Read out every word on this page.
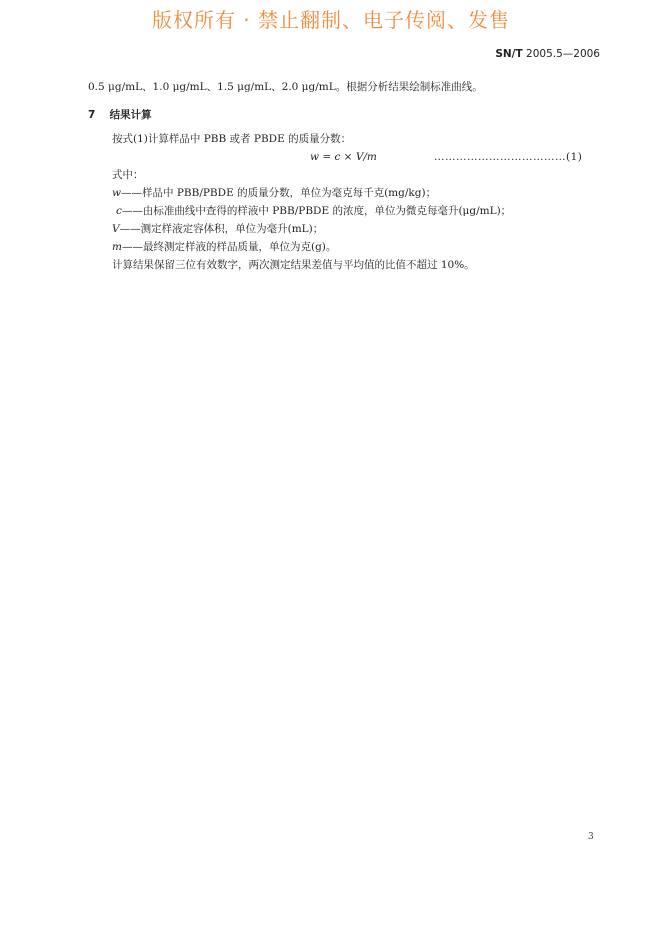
版权所有 · 禁止翻制、电子传阅、发售
SN/T 2005.5—2006
0.5 μg/mL、1.0 μg/mL、1.5 μg/mL、2.0 μg/mL。根据分析结果绘制标准曲线。
7 结果计算
按式(1)计算样品中 PBB 或者 PBDE 的质量分数：
w = c × V/m	………………………………(1)
式中：
w——样品中 PBB/PBDE 的质量分数，单位为毫克每千克(mg/kg)；
c——由标准曲线中查得的样液中 PBB/PBDE 的浓度，单位为微克每毫升(μg/mL)；
V——测定样液定容体积，单位为毫升(mL)；
m——最终测定样液的样品质量，单位为克(g)。
计算结果保留三位有效数字，两次测定结果差值与平均值的比值不超过 10%。
3
